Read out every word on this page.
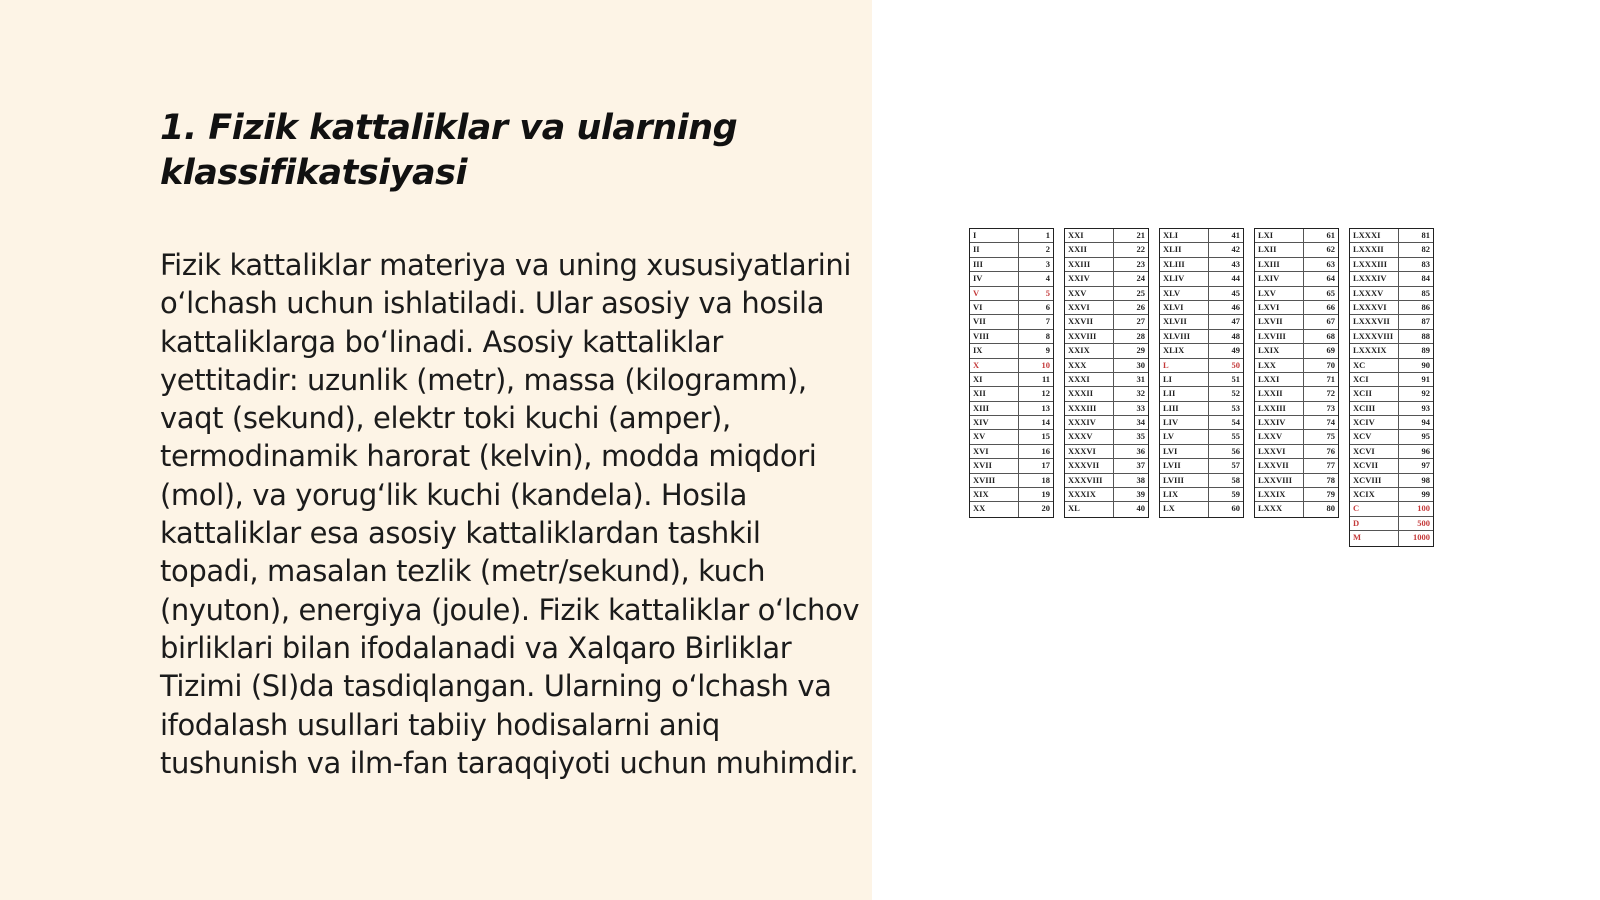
1. Fizik kattaliklar va ularning klassifikatsiyasi

Fizik kattaliklar materiya va uning xususiyatlarini o‘lchash uchun ishlatiladi. Ular asosiy va hosila kattaliklarga bo‘linadi. Asosiy kattaliklar yettitadir: uzunlik (metr), massa (kilogramm), vaqt (sekund), elektr toki kuchi (amper), termodinamik harorat (kelvin), modda miqdori (mol), va yorug‘lik kuchi (kandela). Hosila kattaliklar esa asosiy kattaliklardan tashkil topadi, masalan tezlik (metr/sekund), kuch (nyuton), energiya (joule). Fizik kattaliklar o‘lchov birliklari bilan ifodalanadi va Xalqaro Birliklar Tizimi (SI)da tasdiqlangan. Ularning o‘lchash va ifodalash usullari tabiiy hodisalarni aniq tushunish va ilm-fan taraqqiyoti uchun muhimdir.

I	1
II	2
III	3
IV	4
V	5
VI	6
VII	7
VIII	8
IX	9
X	10
XI	11
XII	12
XIII	13
XIV	14
XV	15
XVI	16
XVII	17
XVIII	18
XIX	19
XX	20
XXI	21
XXII	22
XXIII	23
XXIV	24
XXV	25
XXVI	26
XXVII	27
XXVIII	28
XXIX	29
XXX	30
XXXI	31
XXXII	32
XXXIII	33
XXXIV	34
XXXV	35
XXXVI	36
XXXVII	37
XXXVIII	38
XXXIX	39
XL	40
XLI	41
XLII	42
XLIII	43
XLIV	44
XLV	45
XLVI	46
XLVII	47
XLVIII	48
XLIX	49
L	50
LI	51
LII	52
LIII	53
LIV	54
LV	55
LVI	56
LVII	57
LVIII	58
LIX	59
LX	60
LXI	61
LXII	62
LXIII	63
LXIV	64
LXV	65
LXVI	66
LXVII	67
LXVIII	68
LXIX	69
LXX	70
LXXI	71
LXXII	72
LXXIII	73
LXXIV	74
LXXV	75
LXXVI	76
LXXVII	77
LXXVIII	78
LXXIX	79
LXXX	80
LXXXI	81
LXXXII	82
LXXXIII	83
LXXXIV	84
LXXXV	85
LXXXVI	86
LXXXVII	87
LXXXVIII	88
LXXXIX	89
XC	90
XCI	91
XCII	92
XCIII	93
XCIV	94
XCV	95
XCVI	96
XCVII	97
XCVIII	98
XCIX	99
C	100
D	500
M	1000
